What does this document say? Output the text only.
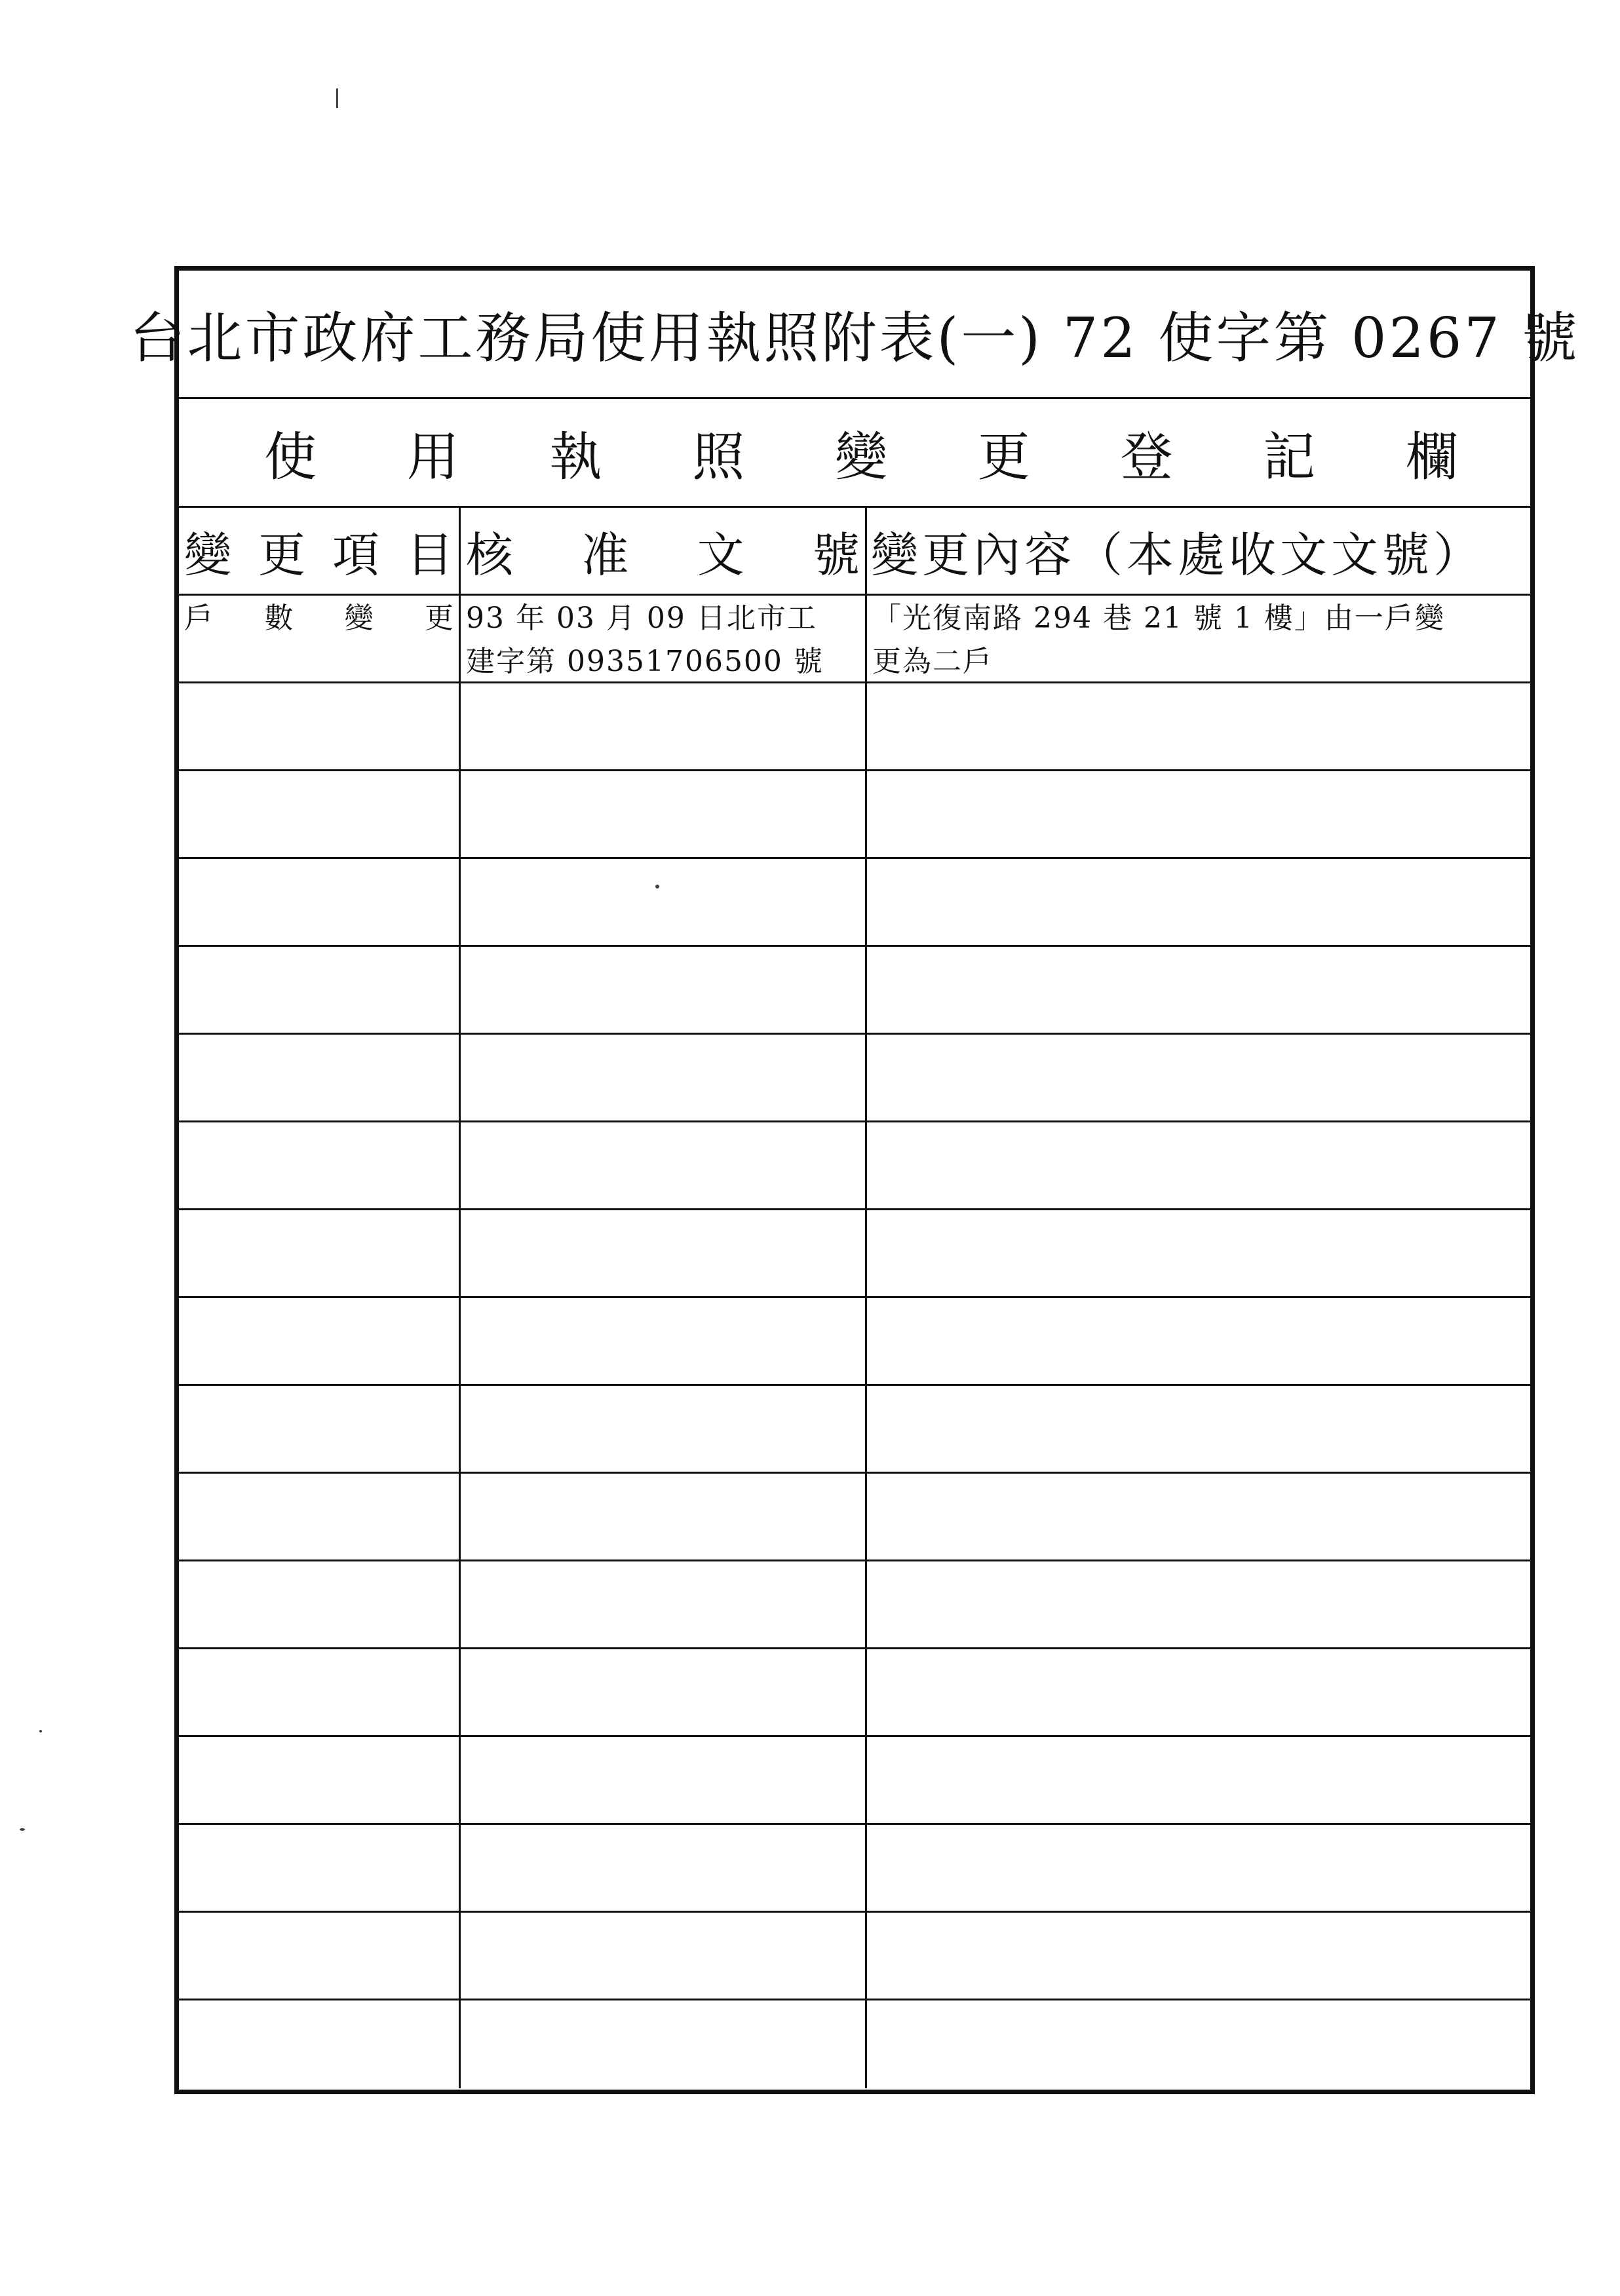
台北市政府工務局使用執照附表(一) 72 使字第 0267 號
使 用 執 照 變 更 登 記 欄
變 更 項 目 核 准 文 號 變更內容（本處收文文號）
戶 數 變 更 93 年 03 月 09 日北市工
建字第 09351706500 號
「光復南路 294 巷 21 號 1 樓」由一戶變
更為二戶
